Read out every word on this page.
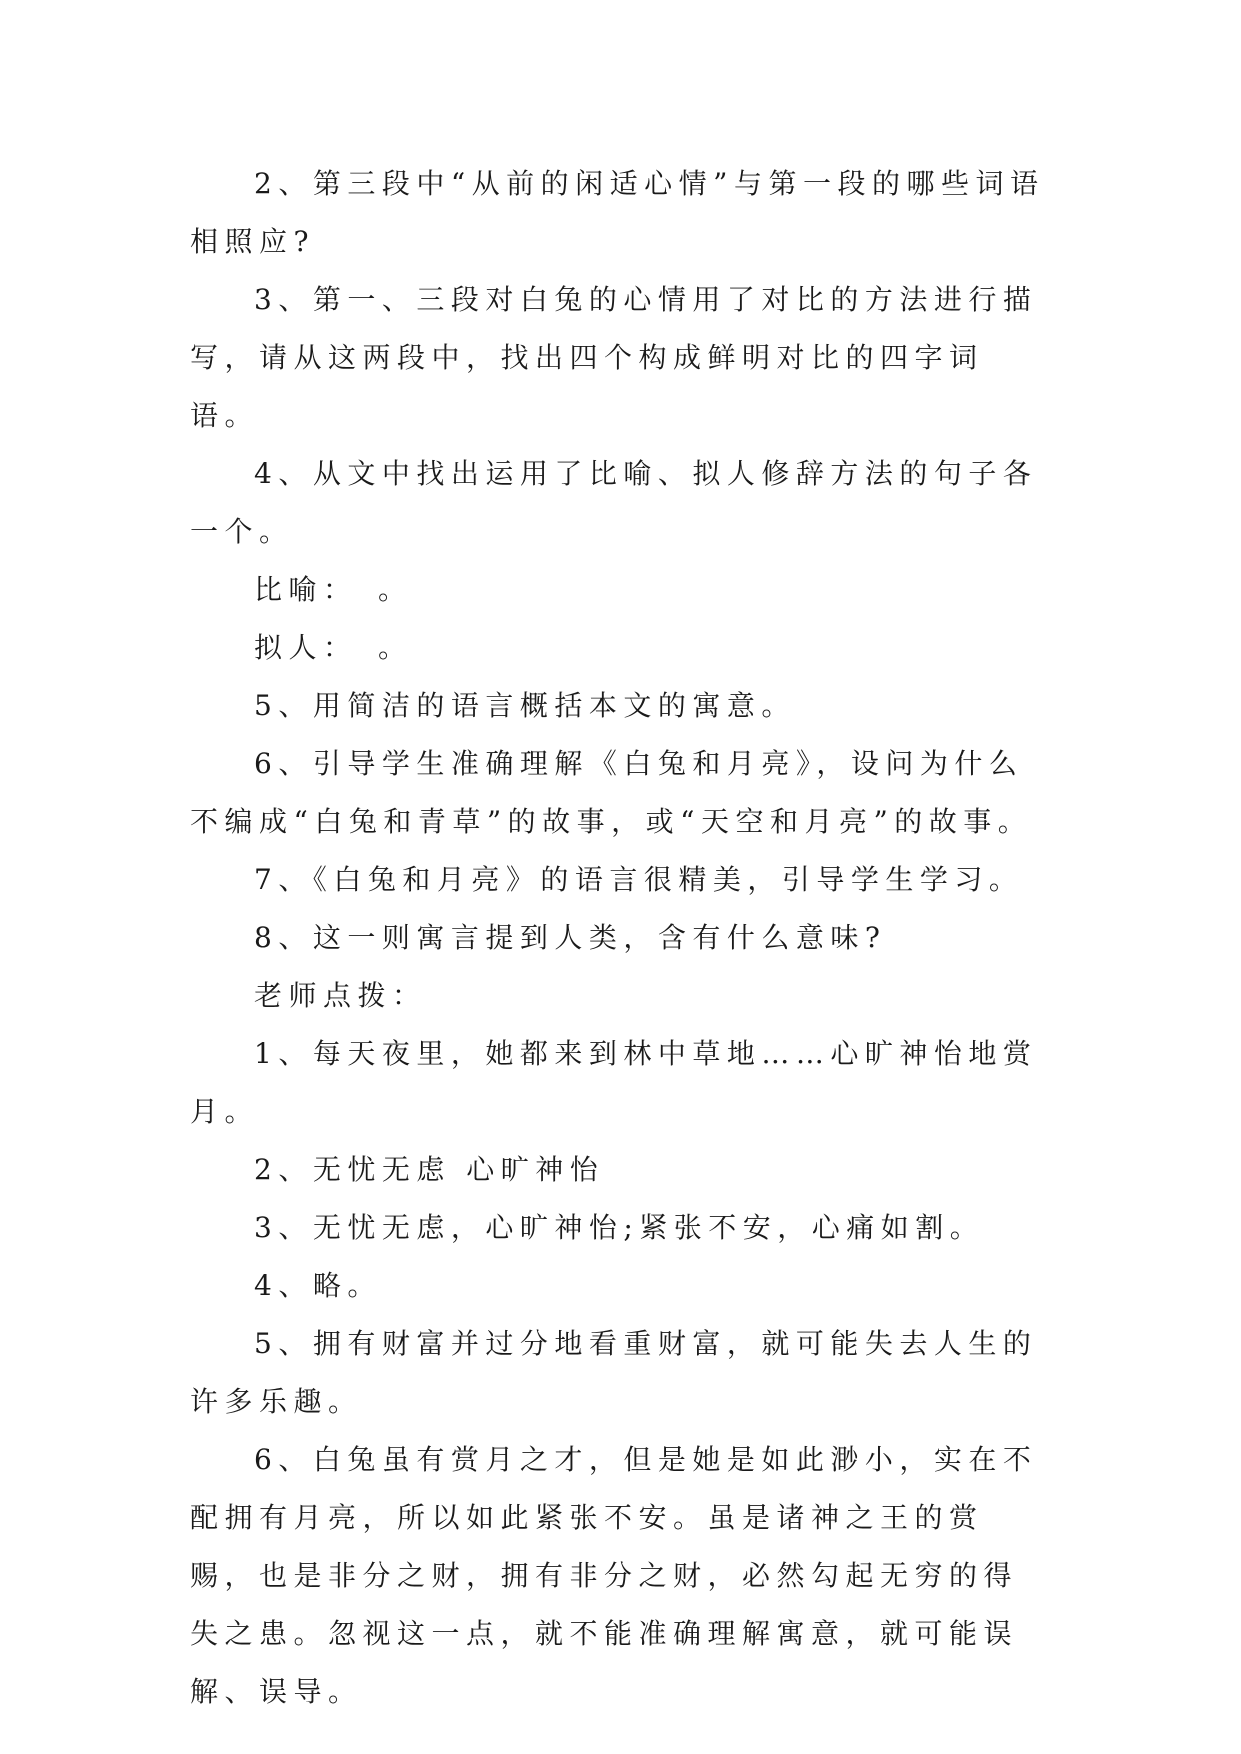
2、第三段中“从前的闲适心情”与第一段的哪些词语相照应?

3、第一、三段对白兔的心情用了对比的方法进行描写，请从这两段中，找出四个构成鲜明对比的四字词语。

4、从文中找出运用了比喻、拟人修辞方法的句子各一个。

比喻：　。

拟人：　。

5、用简洁的语言概括本文的寓意。

6、引导学生准确理解《白兔和月亮》，设问为什么不编成“白兔和青草”的故事，或“天空和月亮”的故事。

7、《白兔和月亮》的语言很精美，引导学生学习。

8、这一则寓言提到人类，含有什么意味?

老师点拨：

1、每天夜里，她都来到林中草地……心旷神怡地赏月。

2、无忧无虑 心旷神怡

3、无忧无虑，心旷神怡;紧张不安，心痛如割。

4、略。

5、拥有财富并过分地看重财富，就可能失去人生的许多乐趣。

6、白兔虽有赏月之才，但是她是如此渺小，实在不配拥有月亮，所以如此紧张不安。虽是诸神之王的赏赐，也是非分之财，拥有非分之财，必然勾起无穷的得失之患。忽视这一点，就不能准确理解寓意，就可能误解、误导。
